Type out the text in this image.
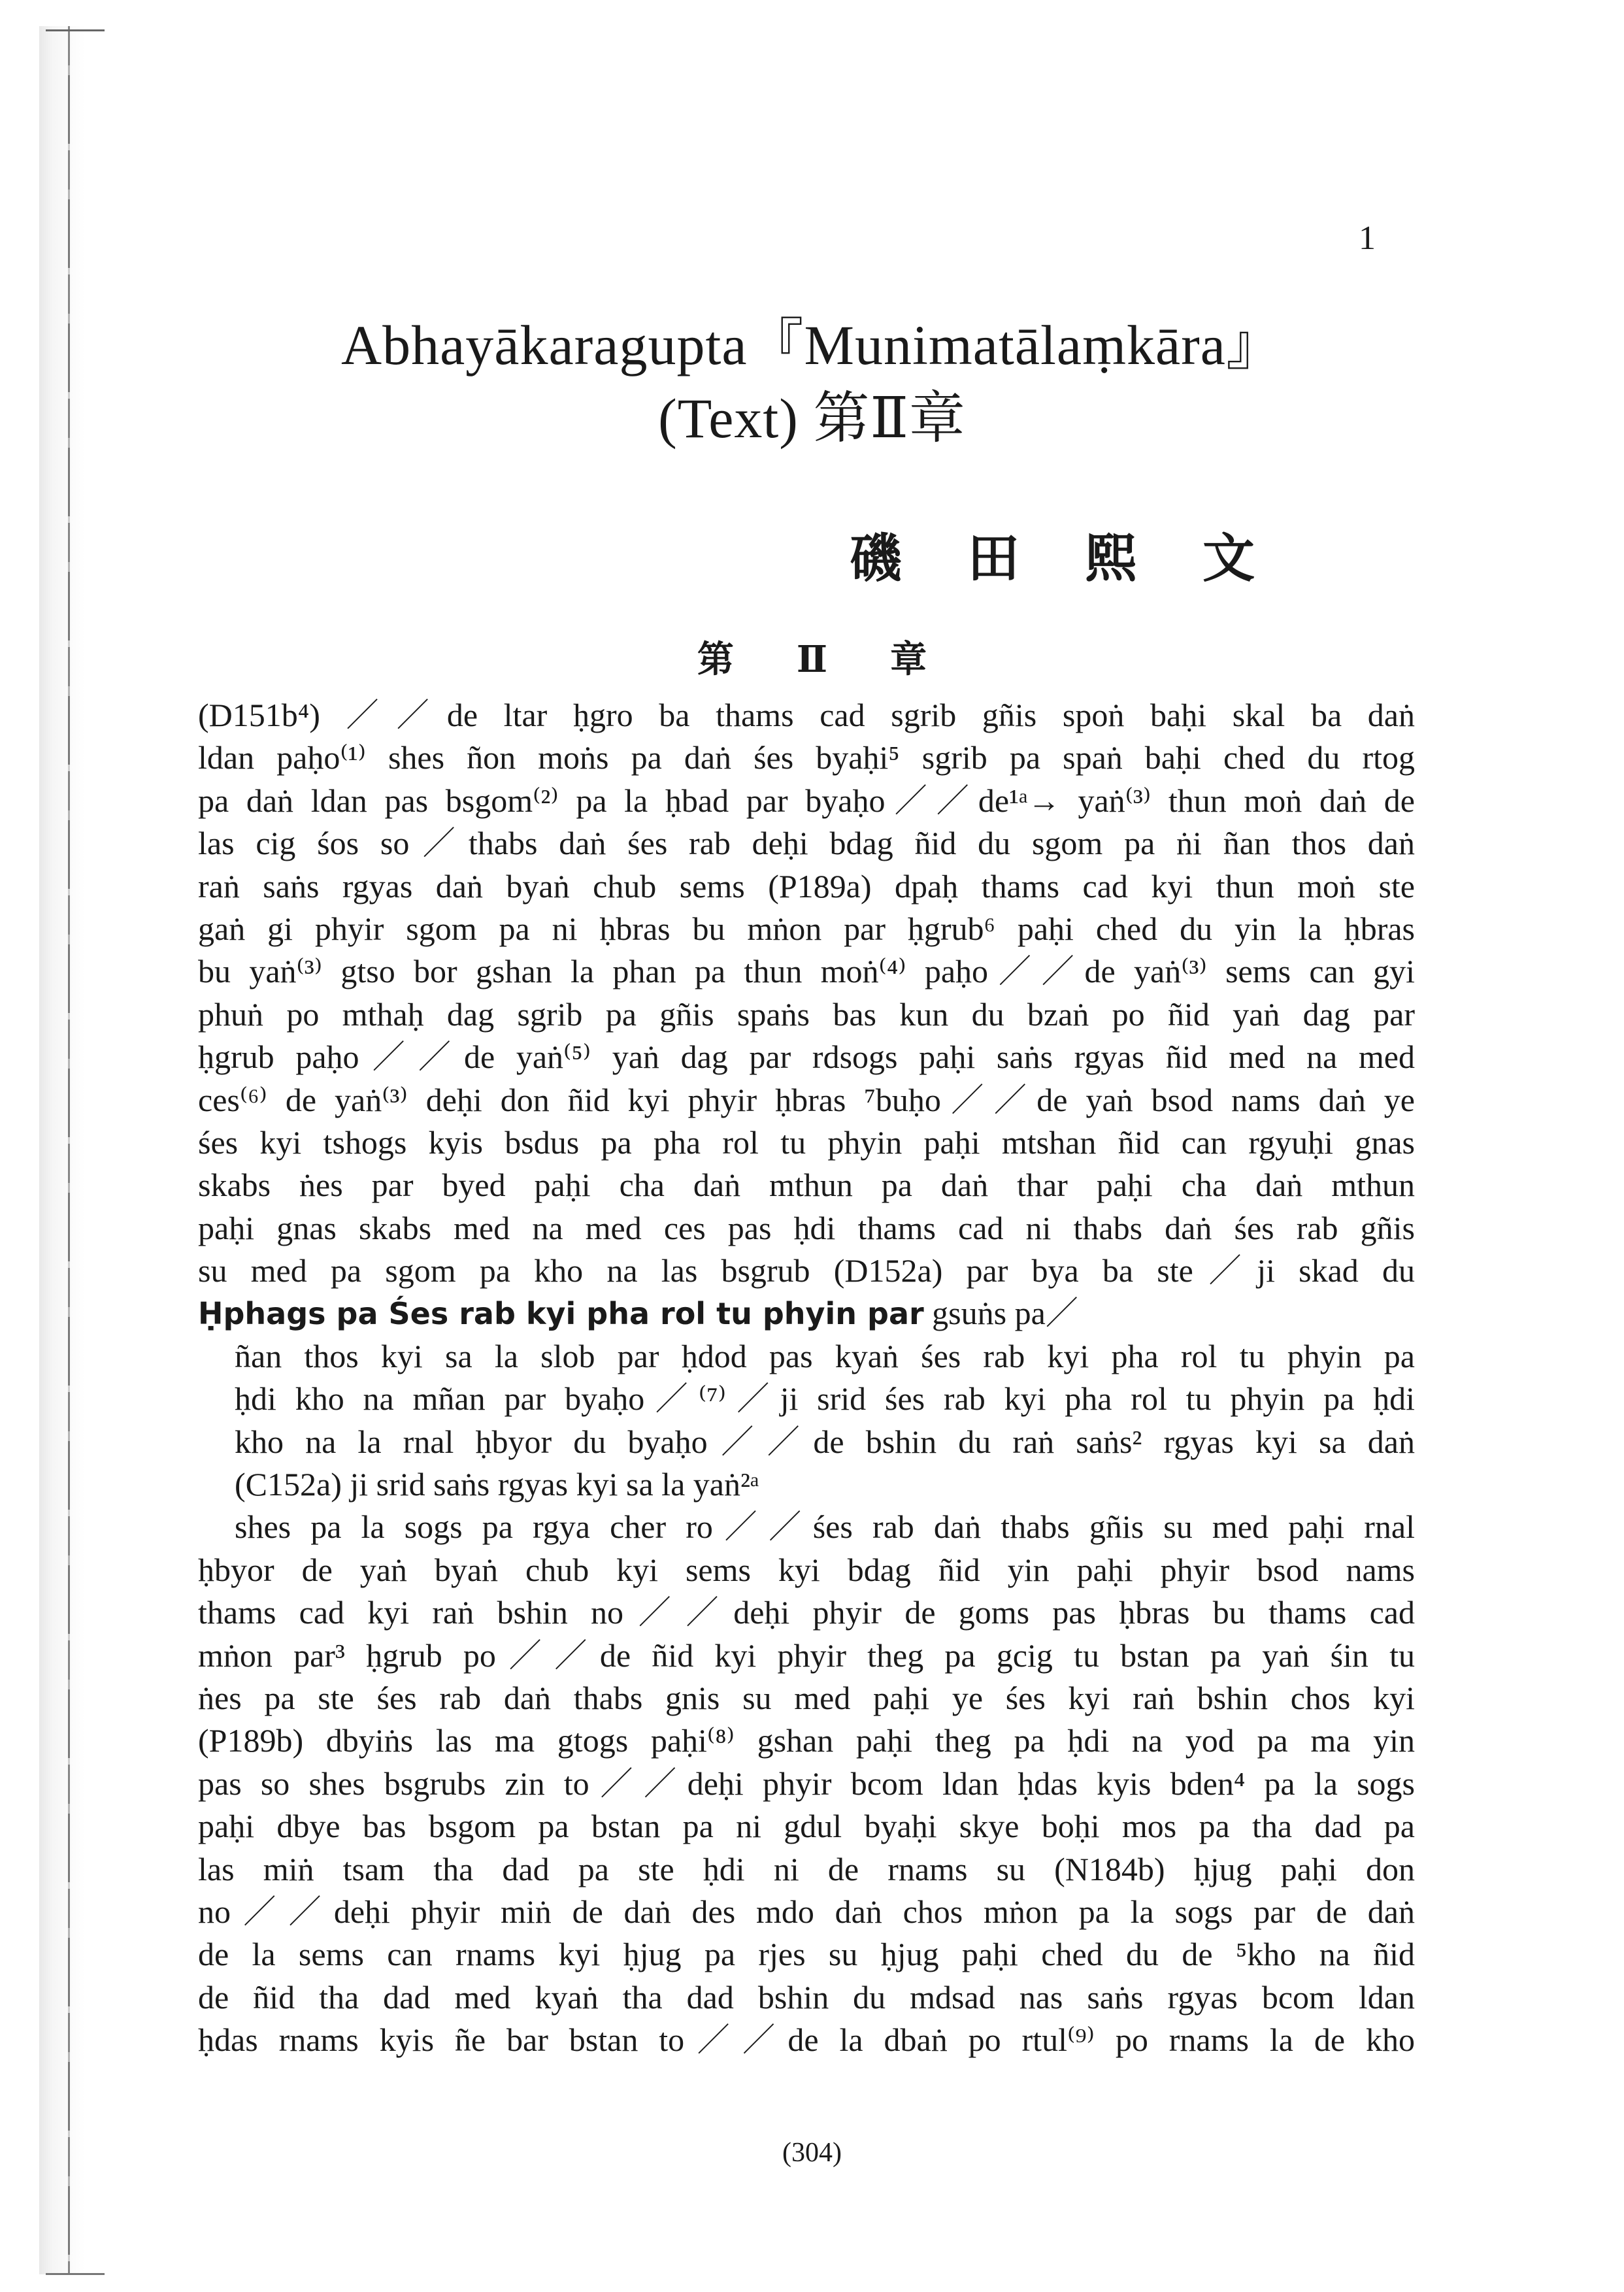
1
Abhayākaragupta『Munimatālaṃkāra』
(Text) 第Ⅱ章
磯田熙文
第Ⅱ章
(D151b⁴) ／／de ltar ḥgro ba thams cad sgrib gñis spoṅ baḥi skal ba daṅ
ldan paḥo⁽¹⁾ shes ñon moṅs pa daṅ śes byaḥi⁵ sgrib pa spaṅ baḥi ched du rtog
pa daṅ ldan pas bsgom⁽²⁾ pa la ḥbad par byaḥo／／de¹ᵃ→ yaṅ⁽³⁾ thun moṅ daṅ de
las cig śos so／thabs daṅ śes rab deḥi bdag ñid du sgom pa ṅi ñan thos daṅ
raṅ saṅs rgyas daṅ byaṅ chub sems (P189a) dpaḥ thams cad kyi thun moṅ ste
gaṅ gi phyir sgom pa ni ḥbras bu mṅon par ḥgrub⁶ paḥi ched du yin la ḥbras
bu yaṅ⁽³⁾ gtso bor gshan la phan pa thun moṅ⁽⁴⁾ paḥo／／de yaṅ⁽³⁾ sems can gyi
phuṅ po mthaḥ dag sgrib pa gñis spaṅs bas kun du bzaṅ po ñid yaṅ dag par
ḥgrub paḥo／／de yaṅ⁽⁵⁾ yaṅ dag par rdsogs paḥi saṅs rgyas ñid med na med
ces⁽⁶⁾ de yaṅ⁽³⁾ deḥi don ñid kyi phyir ḥbras ⁷buḥo／／de yaṅ bsod nams daṅ ye
śes kyi tshogs kyis bsdus pa pha rol tu phyin paḥi mtshan ñid can rgyuḥi gnas
skabs ṅes par byed paḥi cha daṅ mthun pa daṅ thar paḥi cha daṅ mthun
paḥi gnas skabs med na med ces pas ḥdi thams cad ni thabs daṅ śes rab gñis
su med pa sgom pa kho na las bsgrub (D152a) par bya ba ste／ji skad du
Ḥphags pa Śes rab kyi pha rol tu phyin par gsuṅs pa／
ñan thos kyi sa la slob par ḥdod pas kyaṅ śes rab kyi pha rol tu phyin pa
ḥdi kho na mñan par byaḥo／⁽⁷⁾／ji srid śes rab kyi pha rol tu phyin pa ḥdi
kho na la rnal ḥbyor du byaḥo／／de bshin du raṅ saṅs² rgyas kyi sa daṅ
(C152a) ji srid saṅs rgyas kyi sa la yaṅ²ᵃ
shes pa la sogs pa rgya cher ro／／śes rab daṅ thabs gñis su med paḥi rnal
ḥbyor de yaṅ byaṅ chub kyi sems kyi bdag ñid yin paḥi phyir bsod nams
thams cad kyi raṅ bshin no／／deḥi phyir de goms pas ḥbras bu thams cad
mṅon par³ ḥgrub po／／de ñid kyi phyir theg pa gcig tu bstan pa yaṅ śin tu
ṅes pa ste śes rab daṅ thabs gnis su med paḥi ye śes kyi raṅ bshin chos kyi
(P189b) dbyiṅs las ma gtogs paḥi⁽⁸⁾ gshan paḥi theg pa ḥdi na yod pa ma yin
pas so shes bsgrubs zin to／／deḥi phyir bcom ldan ḥdas kyis bden⁴ pa la sogs
paḥi dbye bas bsgom pa bstan pa ni gdul byaḥi skye boḥi mos pa tha dad pa
las miṅ tsam tha dad pa ste ḥdi ni de rnams su (N184b) ḥjug paḥi don
no／／deḥi phyir miṅ de daṅ des mdo daṅ chos mṅon pa la sogs par de daṅ
de la sems can rnams kyi ḥjug pa rjes su ḥjug paḥi ched du de ⁵kho na ñid
de ñid tha dad med kyaṅ tha dad bshin du mdsad nas saṅs rgyas bcom ldan
ḥdas rnams kyis ñe bar bstan to／／de la dbaṅ po rtul⁽⁹⁾ po rnams la de kho
(304)
